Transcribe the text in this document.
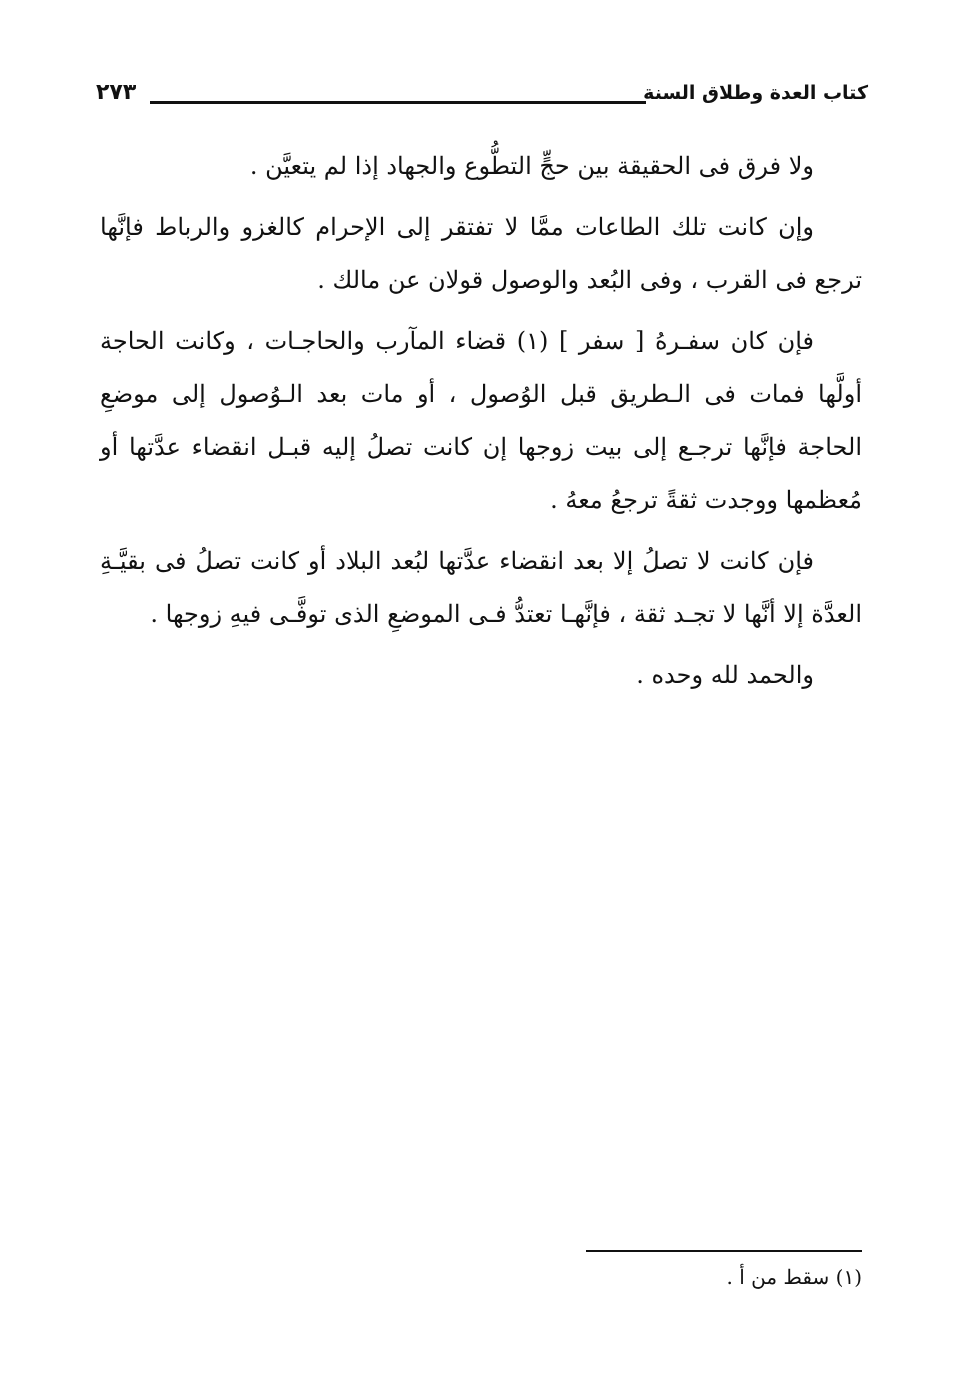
٢٧٣	كتاب العدة وطلاق السنة

ولا فرق فى الحقيقة بين حجٍّ التطُّوع والجهاد إذا لم يتعيَّن .

وإن كانت تلك الطاعات ممَّا لا تفتقر إلى الإحرام كالغزو والرباط فإنَّها ترجع فى القرب ، وفى البُعد والوصول قولان عن مالك .

فإن كان سفـرهُ [ سفر ] (١) قضاء المآرب والحاجـات ، وكانت الحاجة أولَّها فمات فى الـطريق قبل الوُصول ، أو مات بعد الـوُصول إلى موضعِ الحاجة فإنَّها ترجـع إلى بيت زوجها إن كانت تصلُ إليه قبـل انقضاء عدَّتها أو مُعظمها ووجدت ثقةً ترجعُ معهُ .

فإن كانت لا تصلُ إلا بعد انقضاء عدَّتها لبُعد البلاد أو كانت تصلُ فى بقيَّـةِ العدَّة إلا أنَّها لا تجـد ثقة ، فإنَّهـا تعتدُّ فـى الموضعِ الذى توفَّـى فيهِ زوجها .

والحمد لله وحده .

(١) سقط من أ .
